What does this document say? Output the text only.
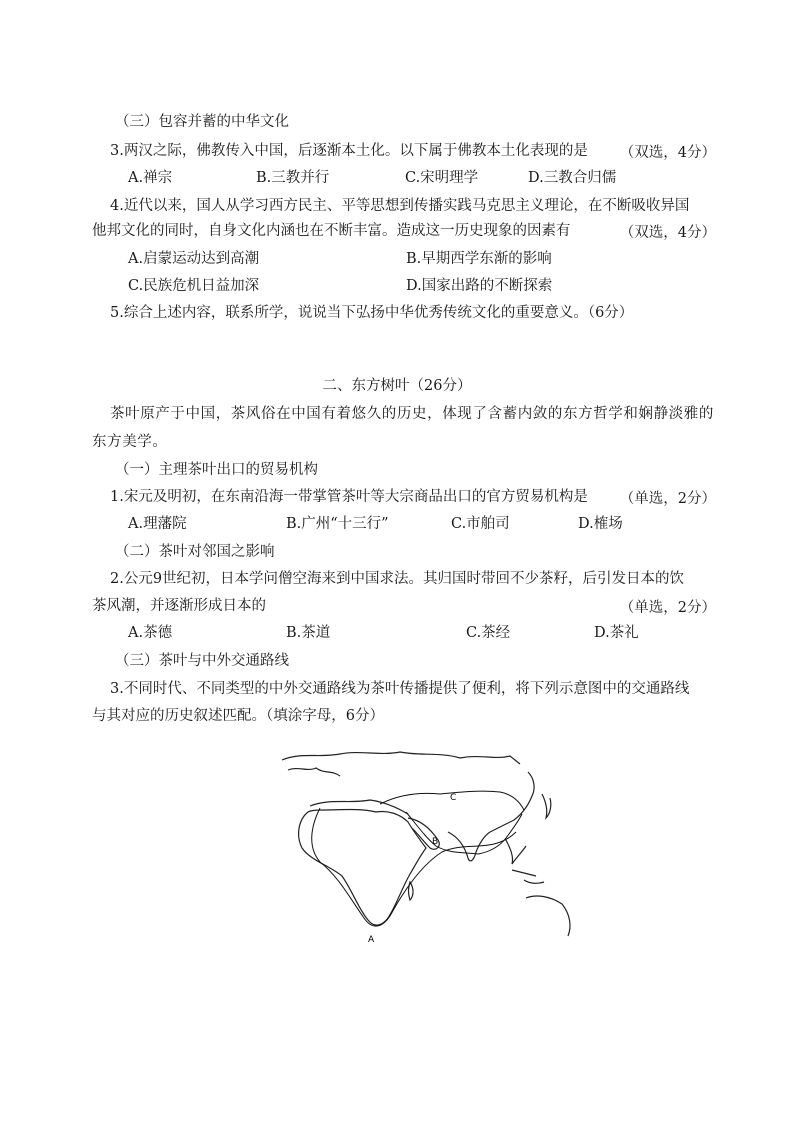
（三）包容并蓄的中华文化
3.两汉之际，佛教传入中国，后逐渐本土化。以下属于佛教本土化表现的是 （双选，4分）
A.禅宗	B.三教并行	C.宋明理学	D.三教合归儒
4.近代以来，国人从学习西方民主、平等思想到传播实践马克思主义理论，在不断吸收异国
他邦文化的同时，自身文化内涵也在不断丰富。造成这一历史现象的因素有	（双选，4分）
A.启蒙运动达到高潮	B.早期西学东渐的影响
C.民族危机日益加深	D.国家出路的不断探索
5.综合上述内容，联系所学，说说当下弘扬中华优秀传统文化的重要意义。（6分）
二、东方树叶（26分）
茶叶原产于中国，茶风俗在中国有着悠久的历史，体现了含蓄内敛的东方哲学和娴静淡雅的
东方美学。
（一）主理茶叶出口的贸易机构
1.宋元及明初，在东南沿海一带掌管茶叶等大宗商品出口的官方贸易机构是 （单选，2分）
A.理藩院	B.广州“十三行”	C.市舶司	D.榷场
（二）茶叶对邻国之影响
2.公元9世纪初，日本学问僧空海来到中国求法。其归国时带回不少茶籽，后引发日本的饮
茶风潮，并逐渐形成日本的	（单选，2分）
A.茶德	B.茶道	C.茶经	D.茶礼
（三）茶叶与中外交通路线
3.不同时代、不同类型的中外交通路线为茶叶传播提供了便利，将下列示意图中的交通路线
与其对应的历史叙述匹配。（填涂字母，6分）
A
B
C
